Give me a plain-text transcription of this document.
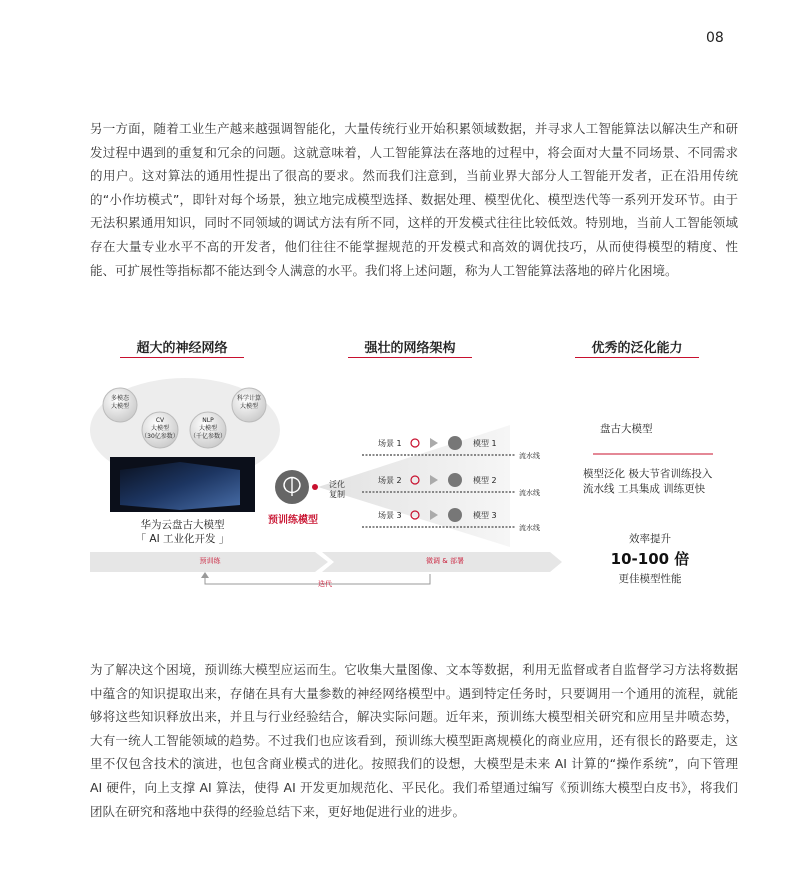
08

另一方面，随着工业生产越来越强调智能化，大量传统行业开始积累领域数据，并寻求人工智能算法以解决生产和研发过程中遇到的重复和冗余的问题。这就意味着，人工智能算法在落地的过程中，将会面对大量不同场景、不同需求的用户。这对算法的通用性提出了很高的要求。然而我们注意到，当前业界大部分人工智能开发者，正在沿用传统的“小作坊模式”，即针对每个场景，独立地完成模型选择、数据处理、模型优化、模型迭代等一系列开发环节。由于无法积累通用知识，同时不同领域的调试方法有所不同，这样的开发模式往往比较低效。特别地，当前人工智能领域存在大量专业水平不高的开发者，他们往往不能掌握规范的开发模式和高效的调优技巧，从而使得模型的精度、性能、可扩展性等指标都不能达到令人满意的水平。我们将上述问题，称为人工智能算法落地的碎片化困境。

超大的神经网络	强壮的网络架构	优秀的泛化能力
多模态
大模型
科学计算
大模型
CV
大模型
（30亿参数）
NLP
大模型
（千亿参数）
华为云盘古大模型
「 AI 工业化开发 」
预训练模型
泛化
复制
场景 1	模型 1
流水线
场景 2	模型 2
流水线
场景 3	模型 3
流水线
预训练	微调 & 部署
迭代
盘古大模型
模型泛化 极大节省训练投入
流水线 工具集成 训练更快
效率提升
10-100 倍
更佳模型性能

为了解决这个困境，预训练大模型应运而生。它收集大量图像、文本等数据，利用无监督或者自监督学习方法将数据中蕴含的知识提取出来，存储在具有大量参数的神经网络模型中。遇到特定任务时，只要调用一个通用的流程，就能够将这些知识释放出来，并且与行业经验结合，解决实际问题。近年来，预训练大模型相关研究和应用呈井喷态势，大有一统人工智能领域的趋势。不过我们也应该看到，预训练大模型距离规模化的商业应用，还有很长的路要走，这里不仅包含技术的演进，也包含商业模式的进化。按照我们的设想，大模型是未来 AI 计算的“操作系统”，向下管理 AI 硬件，向上支撑 AI 算法，使得 AI 开发更加规范化、平民化。我们希望通过编写《预训练大模型白皮书》，将我们团队在研究和落地中获得的经验总结下来，更好地促进行业的进步。
